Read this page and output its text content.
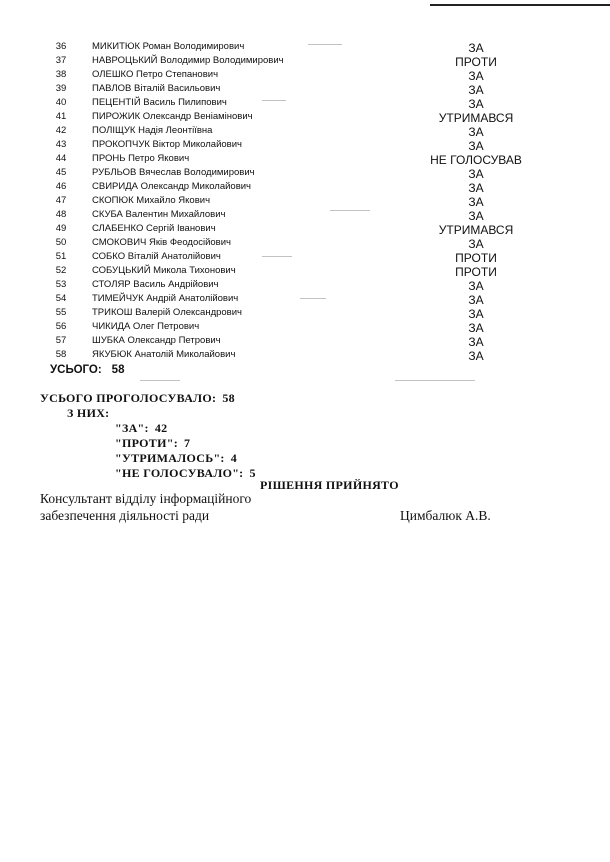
36	МИКИТЮК Роман Володимирович	ЗА
37	НАВРОЦЬКИЙ Володимир Володимирович	ПРОТИ
38	ОЛЕШКО Петро Степанович	ЗА
39	ПАВЛОВ Віталій Васильович	ЗА
40	ПЕЦЕНТІЙ Василь Пилипович	ЗА
41	ПИРОЖИК Олександр Веніамінович	УТРИМАВСЯ
42	ПОЛІЩУК Надія Леонтіївна	ЗА
43	ПРОКОПЧУК Віктор Миколайович	ЗА
44	ПРОНЬ Петро Якович	НЕ ГОЛОСУВАВ
45	РУБЛЬОВ Вячеслав Володимирович	ЗА
46	СВИРИДА Олександр Миколайович	ЗА
47	СКОПЮК Михайло Якович	ЗА
48	СКУБА Валентин Михайлович	ЗА
49	СЛАБЕНКО Сергій Іванович	УТРИМАВСЯ
50	СМОКОВИЧ Яків Феодосійович	ЗА
51	СОБКО Віталій Анатолійович	ПРОТИ
52	СОБУЦЬКИЙ Микола Тихонович	ПРОТИ
53	СТОЛЯР Василь Андрійович	ЗА
54	ТИМЕЙЧУК Андрій Анатолійович	ЗА
55	ТРИКОШ Валерій Олександрович	ЗА
56	ЧИКИДА Олег Петрович	ЗА
57	ШУБКА Олександр Петрович	ЗА
58	ЯКУБЮК Анатолій Миколайович	ЗА
УСЬОГО: 58
УСЬОГО ПРОГОЛОСУВАЛО: 58
З НИХ:
"ЗА": 42
"ПРОТИ": 7
"УТРИМАЛОСЬ": 4
"НЕ ГОЛОСУВАЛО": 5
РІШЕННЯ ПРИЙНЯТО
Консультант відділу інформаційного
забезпечення діяльності ради	Цимбалюк А.В.
